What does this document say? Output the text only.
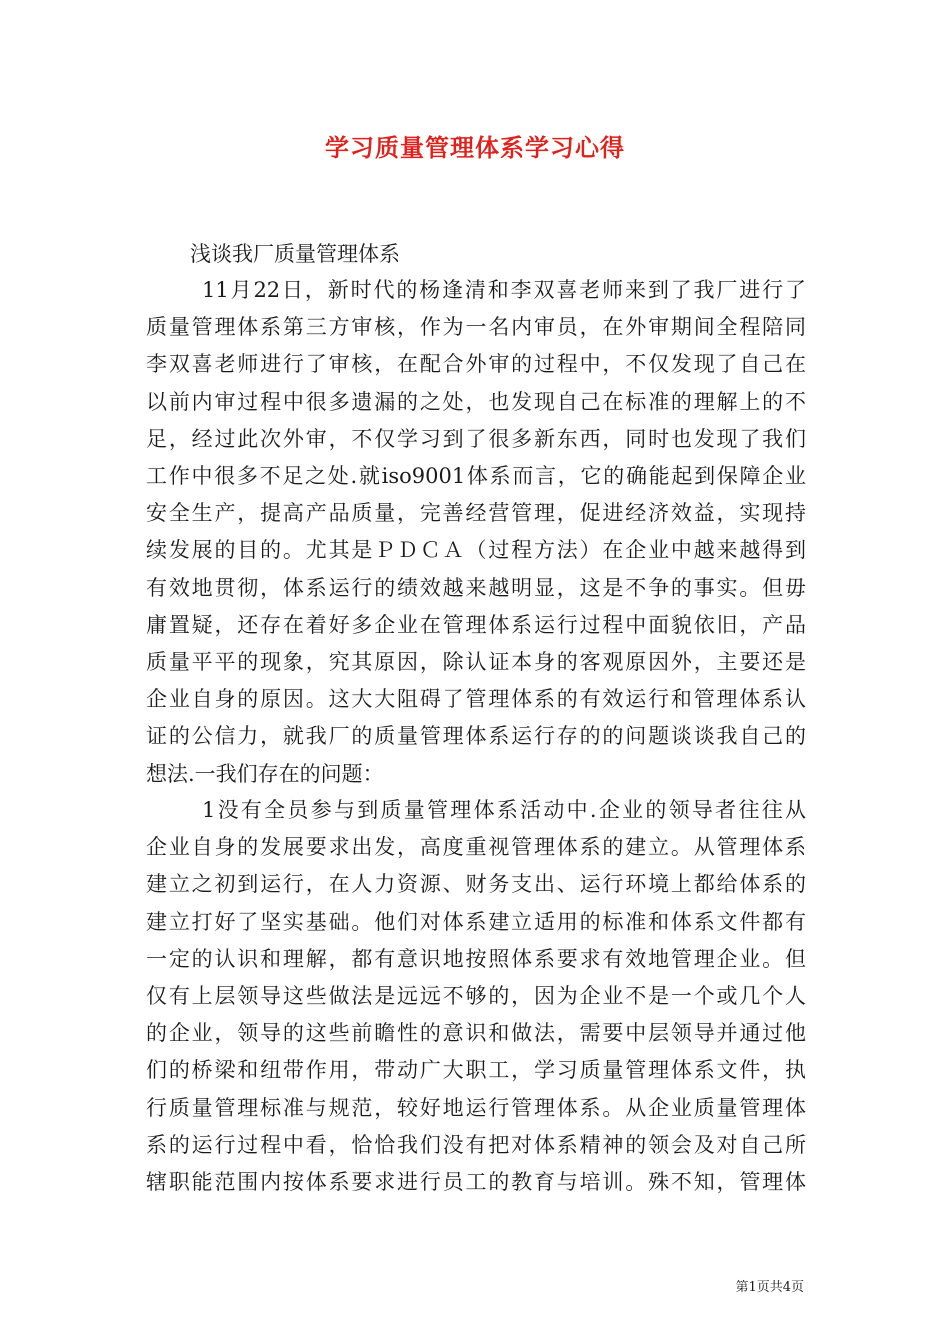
学习质量管理体系学习心得

浅谈我厂质量管理体系

11月22日，新时代的杨逢清和李双喜老师来到了我厂进行了
质量管理体系第三方审核，作为一名内审员，在外审期间全程陪同
李双喜老师进行了审核，在配合外审的过程中，不仅发现了自己在
以前内审过程中很多遗漏的之处，也发现自己在标准的理解上的不
足，经过此次外审，不仅学习到了很多新东西，同时也发现了我们
工作中很多不足之处.就iso9001体系而言，它的确能起到保障企业
安全生产，提高产品质量，完善经营管理，促进经济效益，实现持
续发展的目的。尤其是ＰＤＣＡ（过程方法）在企业中越来越得到
有效地贯彻，体系运行的绩效越来越明显，这是不争的事实。但毋
庸置疑，还存在着好多企业在管理体系运行过程中面貌依旧，产品
质量平平的现象，究其原因，除认证本身的客观原因外，主要还是
企业自身的原因。这大大阻碍了管理体系的有效运行和管理体系认
证的公信力，就我厂的质量管理体系运行存的的问题谈谈我自己的
想法.一我们存在的问题：
1没有全员参与到质量管理体系活动中.企业的领导者往往从
企业自身的发展要求出发，高度重视管理体系的建立。从管理体系
建立之初到运行，在人力资源、财务支出、运行环境上都给体系的
建立打好了坚实基础。他们对体系建立适用的标准和体系文件都有
一定的认识和理解，都有意识地按照体系要求有效地管理企业。但
仅有上层领导这些做法是远远不够的，因为企业不是一个或几个人
的企业，领导的这些前瞻性的意识和做法，需要中层领导并通过他
们的桥梁和纽带作用，带动广大职工，学习质量管理体系文件，执
行质量管理标准与规范，较好地运行管理体系。从企业质量管理体
系的运行过程中看，恰恰我们没有把对体系精神的领会及对自己所
辖职能范围内按体系要求进行员工的教育与培训。殊不知，管理体
第1页共4页
